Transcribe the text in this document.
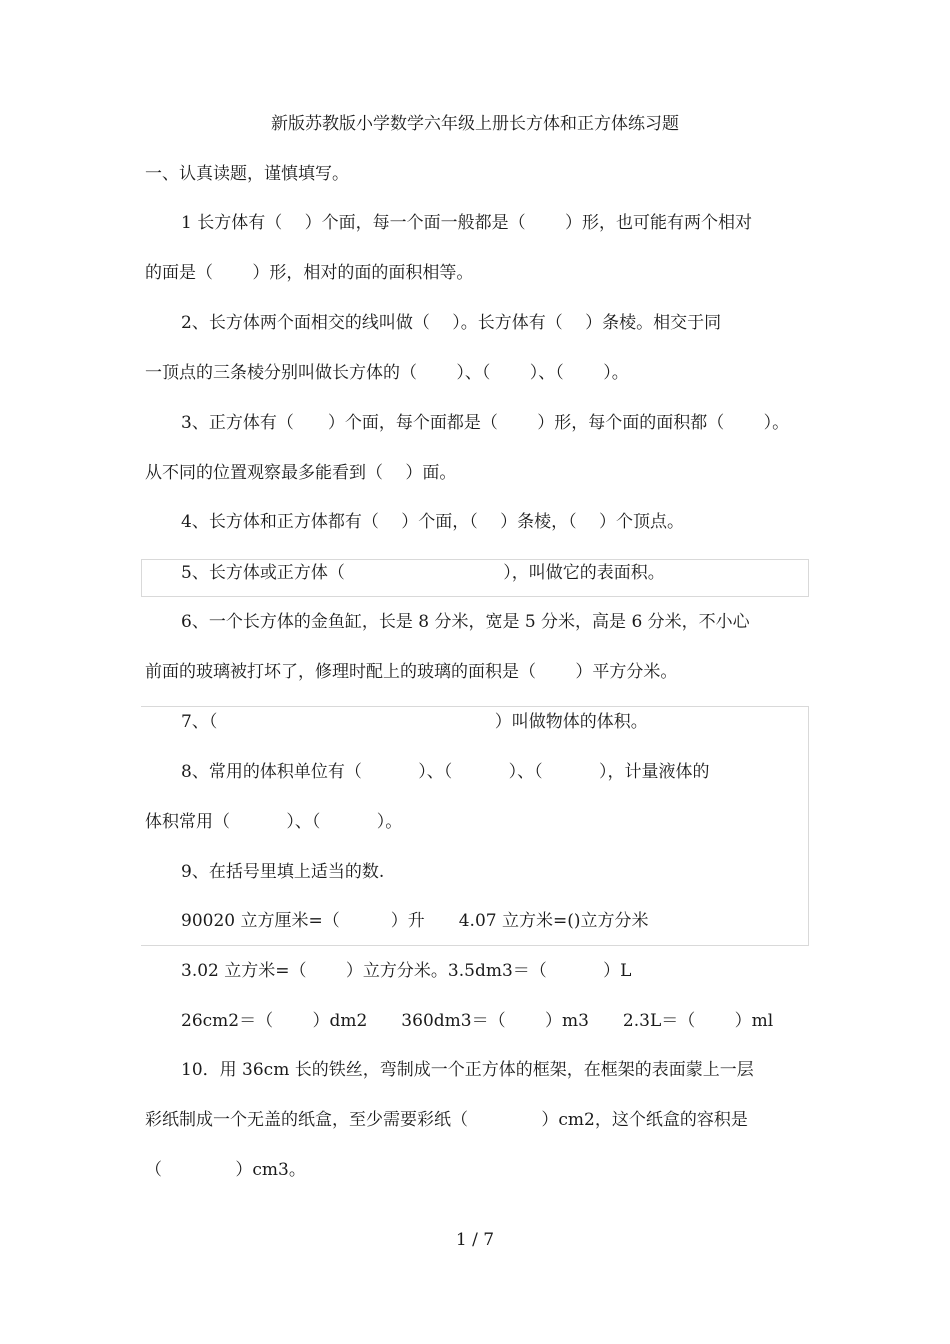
新版苏教版小学数学六年级上册长方体和正方体练习题
一、认真读题，谨慎填写。
1 长方体有（　 ）个面，每一个面一般都是（　　 ）形，也可能有两个相对
的面是（　　 ）形，相对的面的面积相等。
2、长方体两个面相交的线叫做（　 ）。长方体有（　 ）条棱。相交于同
一顶点的三条棱分别叫做长方体的（　　 ）、（　　 ）、（　　 ）。
3、正方体有（　　）个面，每个面都是（　　 ）形，每个面的面积都（　　 ）。
从不同的位置观察最多能看到（　 ）面。
4、长方体和正方体都有（　 ）个面，（　 ）条棱，（　 ）个顶点。
5、长方体或正方体（　　　　　　　　　 ），叫做它的表面积。
6、一个长方体的金鱼缸，长是 8 分米，宽是 5 分米，高是 6 分米，不小心
前面的玻璃被打坏了，修理时配上的玻璃的面积是（　　 ）平方分米。
7、（　　　　　　　　　　　　　　　　 ）叫做物体的体积。
8、常用的体积单位有（　　　 ）、（　　　 ）、（　　　 ），计量液体的
体积常用（　　　 ）、（　　　 ）。
9、在括号里填上适当的数.
90020 立方厘米=（　　　）升　　4.07 立方米=()立方分米
3.02 立方米=（　　 ）立方分米。3.5dm3＝（　　　 ）L
26cm2＝（　　 ）dm2　　360dm3＝（　　 ）m3　　2.3L＝（　　 ）ml
10．用 36cm 长的铁丝，弯制成一个正方体的框架，在框架的表面蒙上一层
彩纸制成一个无盖的纸盒，至少需要彩纸（　　　　 ）cm2，这个纸盒的容积是
（　　　　 ）cm3。
1 / 7
